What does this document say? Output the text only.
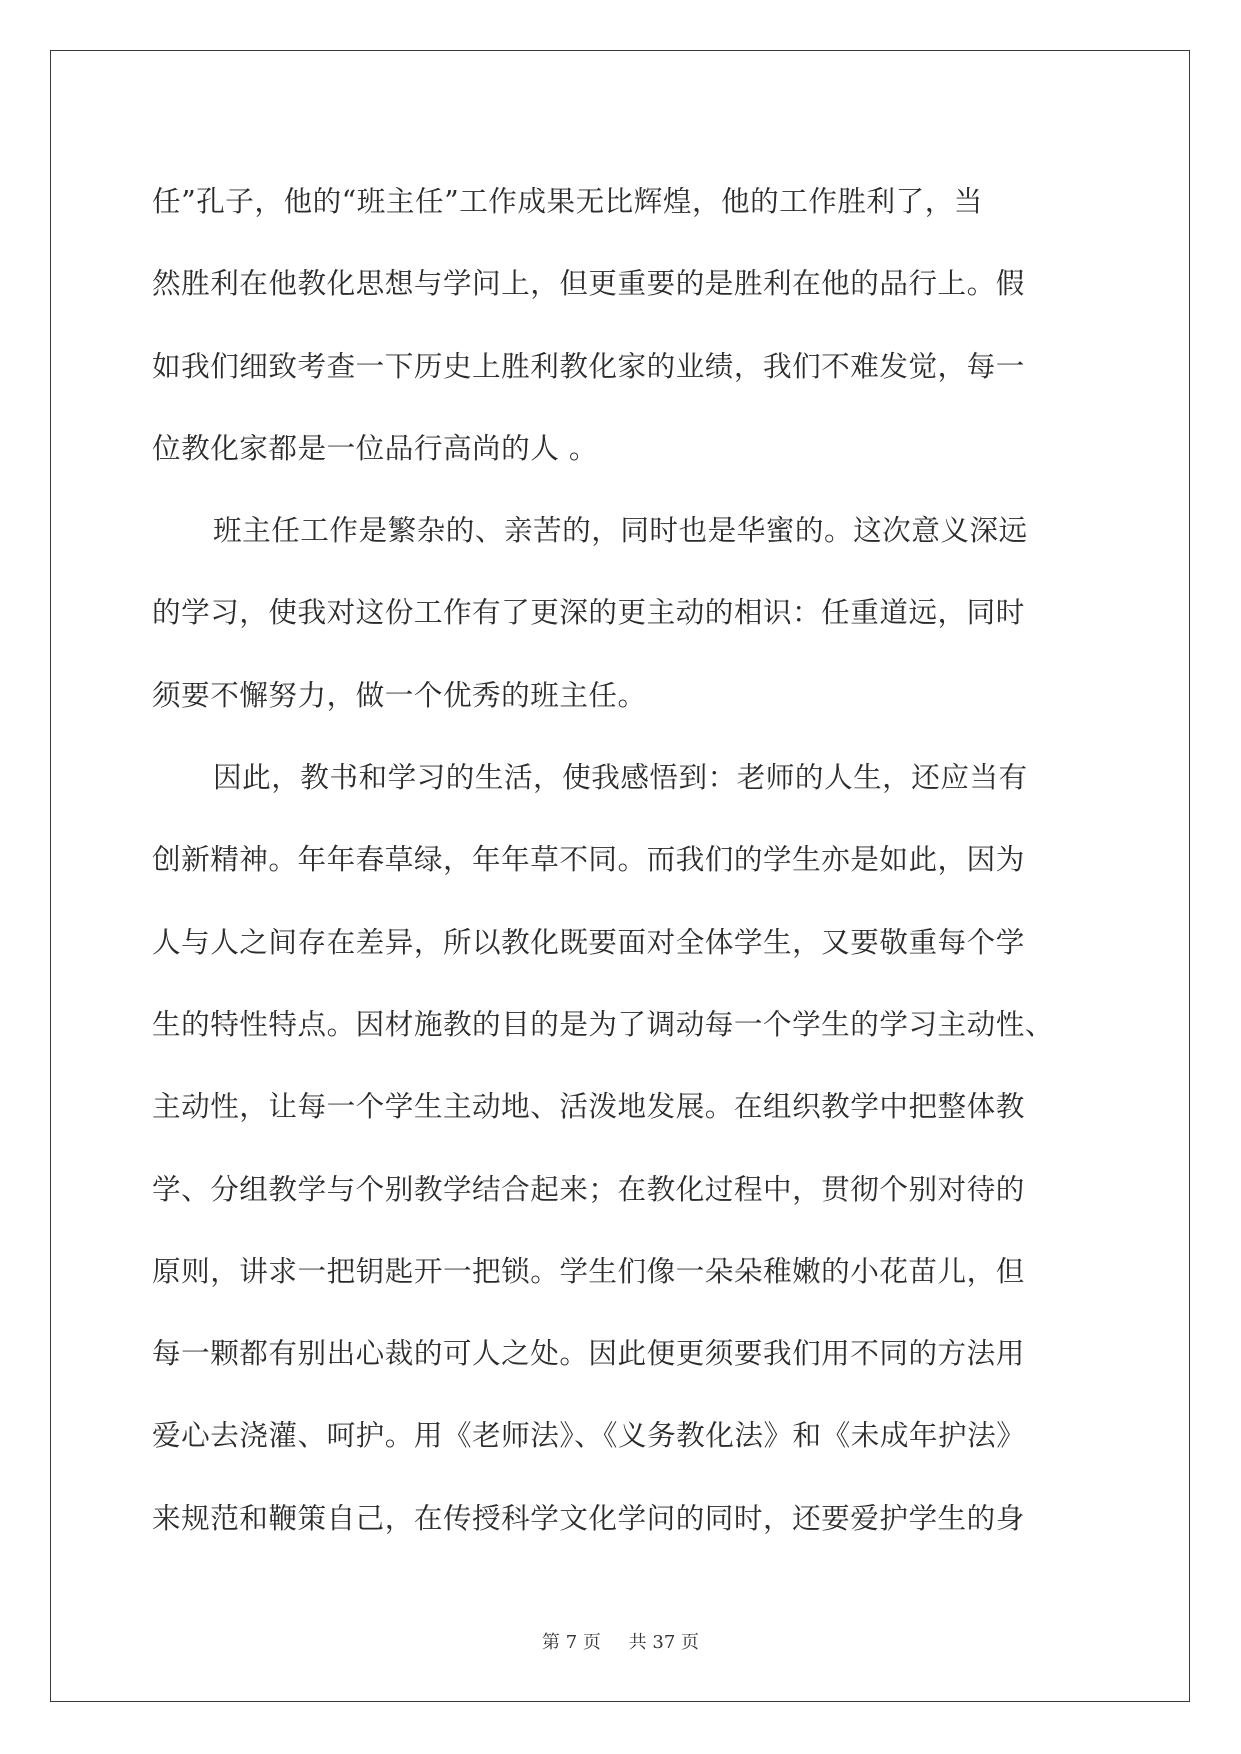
任”孔子，他的“班主任”工作成果无比辉煌，他的工作胜利了，当
然胜利在他教化思想与学问上，但更重要的是胜利在他的品行上。假
如我们细致考查一下历史上胜利教化家的业绩，我们不难发觉，每一
位教化家都是一位品行高尚的人 。
班主任工作是繁杂的、亲苦的，同时也是华蜜的。这次意义深远
的学习，使我对这份工作有了更深的更主动的相识：任重道远，同时
须要不懈努力，做一个优秀的班主任。
因此，教书和学习的生活，使我感悟到：老师的人生，还应当有
创新精神。年年春草绿，年年草不同。而我们的学生亦是如此，因为
人与人之间存在差异，所以教化既要面对全体学生，又要敬重每个学
生的特性特点。因材施教的目的是为了调动每一个学生的学习主动性、
主动性，让每一个学生主动地、活泼地发展。在组织教学中把整体教
学、分组教学与个别教学结合起来；在教化过程中，贯彻个别对待的
原则，讲求一把钥匙开一把锁。学生们像一朵朵稚嫩的小花苗儿，但
每一颗都有别出心裁的可人之处。因此便更须要我们用不同的方法用
爱心去浇灌、呵护。用《老师法》、《义务教化法》和《未成年护法》
来规范和鞭策自己，在传授科学文化学问的同时，还要爱护学生的身
第 7 页 共 37 页
